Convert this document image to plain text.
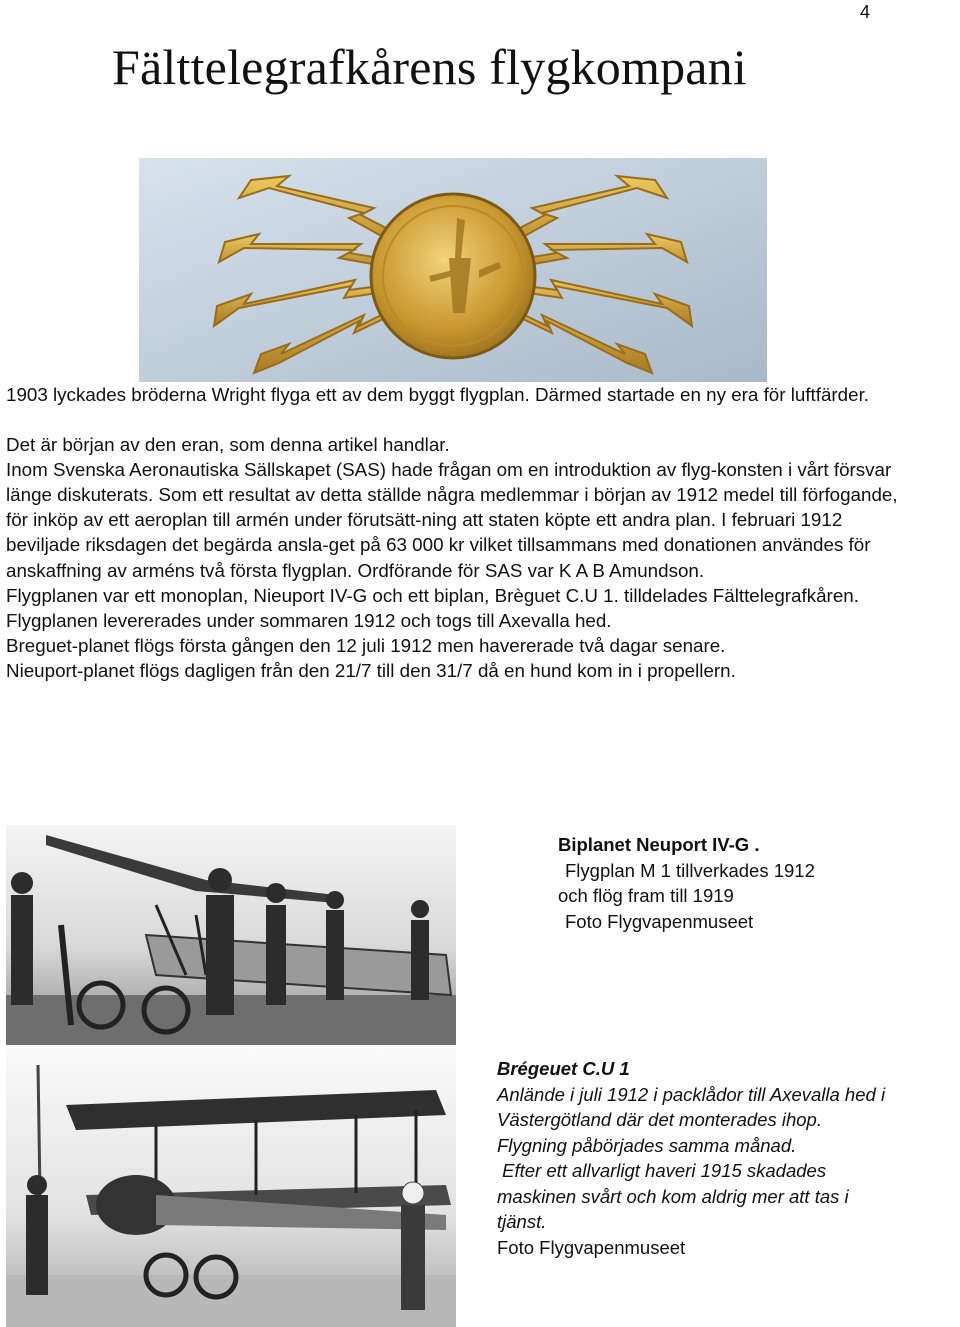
4
Fälttelegrafkårens flygkompani

1903 lyckades bröderna Wright flyga ett av dem byggt flygplan. Därmed startade en ny era för luftfärder.

Det är början av den eran, som denna artikel handlar.

Inom Svenska Aeronautiska Sällskapet (SAS) hade frågan om en introduktion av flyg-konsten i vårt försvar länge diskuterats. Som ett resultat av detta ställde några medlemmar i början av 1912 medel till förfogande, för inköp av ett aeroplan till armén under förutsätt-ning att staten köpte ett andra plan. I februari 1912 beviljade riksdagen det begärda ansla-get på 63 000 kr vilket tillsammans med donationen användes för anskaffning av arméns två första flygplan. Ordförande för SAS var K A B Amundson.

Flygplanen var ett monoplan, Nieuport IV-G och ett biplan, Brèguet C.U 1. tilldelades Fälttelegrafkåren. Flygplanen levererades under sommaren 1912 och togs till Axevalla hed.

Breguet-planet flögs första gången den 12 juli 1912 men havererade två dagar senare.

Nieuport-planet flögs dagligen från den 21/7 till den 31/7 då en hund kom in i propellern.

Biplanet Neuport IV-G .
Flygplan M 1 tillverkades 1912
och flög fram till 1919
Foto Flygvapenmuseet
Brégeuet C.U 1
Anlände i juli 1912 i packlådor till Axevalla hed i
Västergötland där det monterades ihop.
Flygning påbörjades samma månad.
Efter ett allvarligt haveri 1915 skadades
maskinen svårt och kom aldrig mer att tas i
tjänst.
Foto Flygvapenmuseet
